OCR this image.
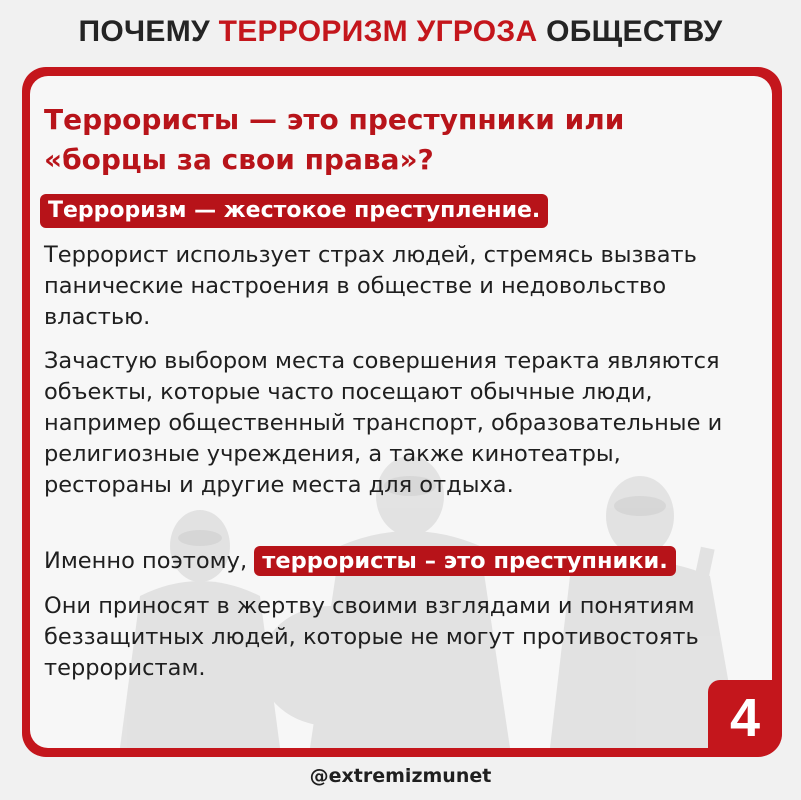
ПОЧЕМУ ТЕРРОРИЗМ УГРОЗА ОБЩЕСТВУ
Террористы — это преступники или «борцы за свои права»?
Терроризм — жестокое преступление.

Террорист использует страх людей, стремясь вызвать панические настроения в обществе и недовольство властью.

Зачастую выбором места совершения теракта являются объекты, которые часто посещают обычные люди, например общественный транспорт, образовательные и религиозные учреждения, а также кинотеатры, рестораны и другие места для отдыха.

Именно поэтому, террористы – это преступники.

Они приносят в жертву своими взглядами и понятиям беззащитных людей, которые не могут противостоять террористам.

4
@extremizmunet
